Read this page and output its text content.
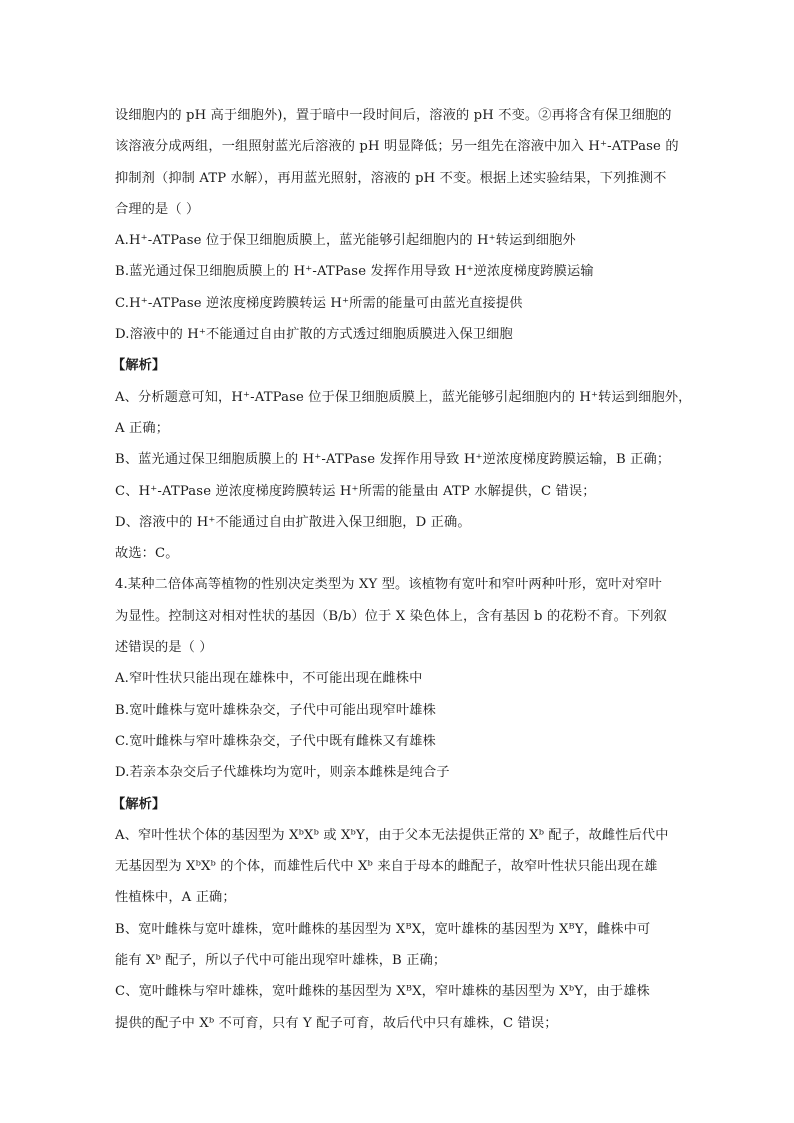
设细胞内的 pH 高于细胞外)，置于暗中一段时间后，溶液的 pH 不变。②再将含有保卫细胞的
该溶液分成两组，一组照射蓝光后溶液的 pH 明显降低；另一组先在溶液中加入 H⁺-ATPase 的
抑制剂（抑制 ATP 水解），再用蓝光照射，溶液的 pH 不变。根据上述实验结果，下列推测不
合理的是（ ）
A.H⁺-ATPase 位于保卫细胞质膜上，蓝光能够引起细胞内的 H⁺转运到细胞外
B.蓝光通过保卫细胞质膜上的 H⁺-ATPase 发挥作用导致 H⁺逆浓度梯度跨膜运输
C.H⁺-ATPase 逆浓度梯度跨膜转运 H⁺所需的能量可由蓝光直接提供
D.溶液中的 H⁺不能通过自由扩散的方式透过细胞质膜进入保卫细胞
【解析】
A、分析题意可知，H⁺-ATPase 位于保卫细胞质膜上，蓝光能够引起细胞内的 H⁺转运到细胞外，
A 正确；
B、蓝光通过保卫细胞质膜上的 H⁺-ATPase 发挥作用导致 H⁺逆浓度梯度跨膜运输，B 正确；
C、H⁺-ATPase 逆浓度梯度跨膜转运 H⁺所需的能量由 ATP 水解提供，C 错误；
D、溶液中的 H⁺不能通过自由扩散进入保卫细胞，D 正确。
故选：C。
4.某种二倍体高等植物的性别决定类型为 XY 型。该植物有宽叶和窄叶两种叶形，宽叶对窄叶
为显性。控制这对相对性状的基因（B/b）位于 X 染色体上，含有基因 b 的花粉不育。下列叙
述错误的是（ ）
A.窄叶性状只能出现在雄株中，不可能出现在雌株中
B.宽叶雌株与宽叶雄株杂交，子代中可能出现窄叶雄株
C.宽叶雌株与窄叶雄株杂交，子代中既有雌株又有雄株
D.若亲本杂交后子代雄株均为宽叶，则亲本雌株是纯合子
【解析】
A、窄叶性状个体的基因型为 XᵇXᵇ 或 XᵇY，由于父本无法提供正常的 Xᵇ 配子，故雌性后代中
无基因型为 XᵇXᵇ 的个体，而雄性后代中 Xᵇ 来自于母本的雌配子，故窄叶性状只能出现在雄
性植株中，A 正确；
B、宽叶雌株与宽叶雄株，宽叶雌株的基因型为 XᴮX，宽叶雄株的基因型为 XᴮY，雌株中可
能有 Xᵇ 配子，所以子代中可能出现窄叶雄株，B 正确；
C、宽叶雌株与窄叶雄株，宽叶雌株的基因型为 XᴮX，窄叶雄株的基因型为 XᵇY，由于雄株
提供的配子中 Xᵇ 不可育，只有 Y 配子可育，故后代中只有雄株，C 错误；
